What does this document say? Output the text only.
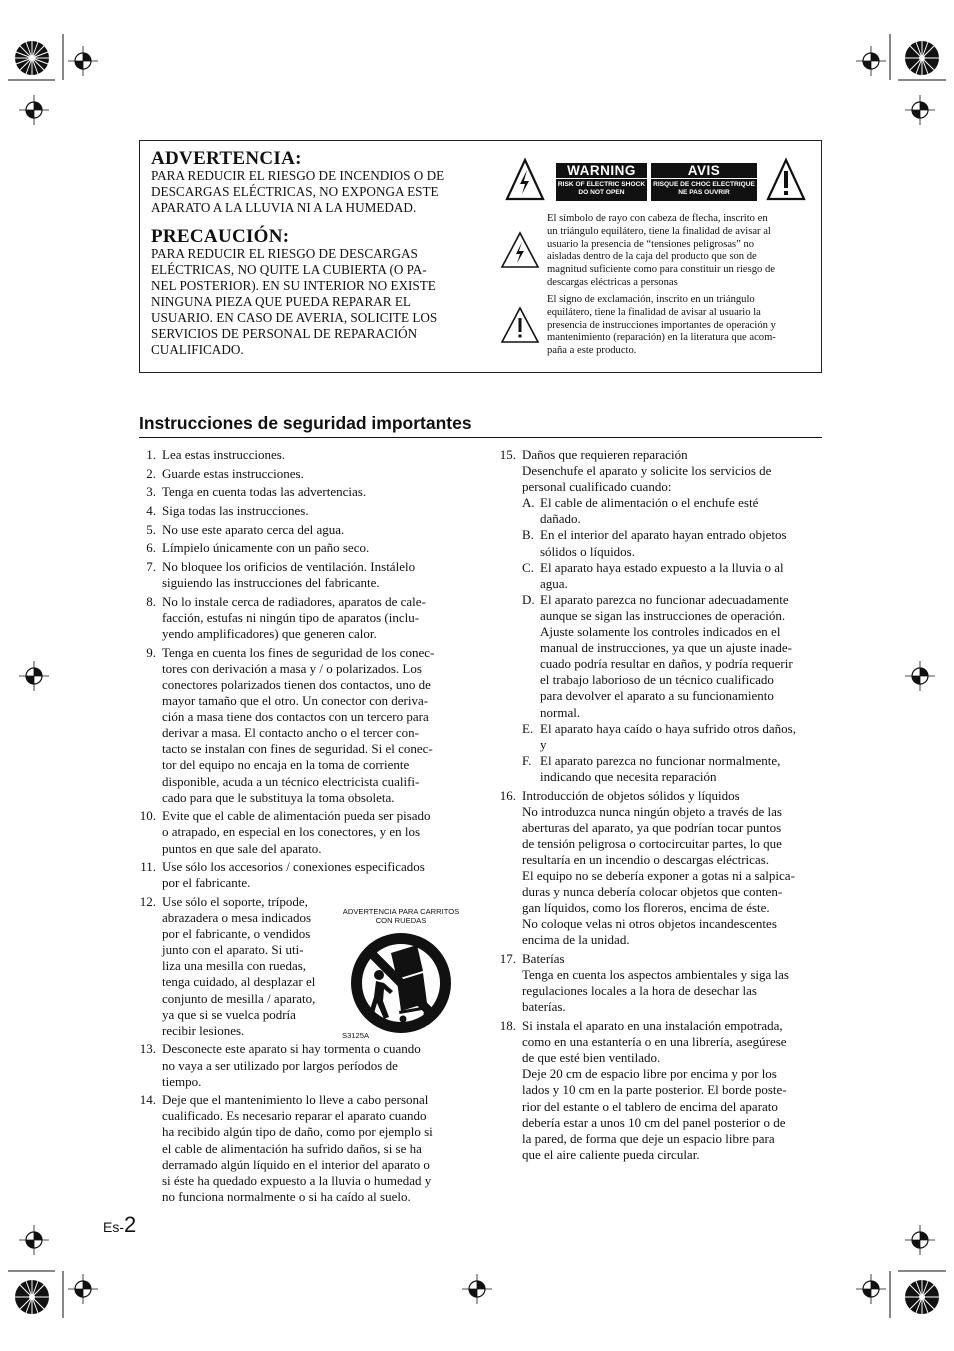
ADVERTENCIA:
PARA REDUCIR EL RIESGO DE INCENDIOS O DE
DESCARGAS ELÉCTRICAS, NO EXPONGA ESTE
APARATO A LA LLUVIA NI A LA HUMEDAD.
PRECAUCIÓN:
PARA REDUCIR EL RIESGO DE DESCARGAS
ELÉCTRICAS, NO QUITE LA CUBIERTA (O PA-
NEL POSTERIOR). EN SU INTERIOR NO EXISTE
NINGUNA PIEZA QUE PUEDA REPARAR EL
USUARIO. EN CASO DE AVERIA, SOLICITE LOS
SERVICIOS DE PERSONAL DE REPARACIÓN
CUALIFICADO.
WARNING
RISK OF ELECTRIC SHOCK
DO NOT OPEN
AVIS
RISQUE DE CHOC ELECTRIQUE
NE PAS OUVRIR
El símbolo de rayo con cabeza de flecha, inscrito en
un triángulo equilátero, tiene la finalidad de avisar al
usuario la presencia de “tensiones peligrosas” no
aisladas dentro de la caja del producto que son de
magnitud suficiente como para constituir un riesgo de
descargas eléctricas a personas
El signo de exclamación, inscrito en un triángulo
equilátero, tiene la finalidad de avisar al usuario la
presencia de instrucciones importantes de operación y
mantenimiento (reparación) en la literatura que acom-
paña a este producto.
Instrucciones de seguridad importantes
1. Lea estas instrucciones.
2. Guarde estas instrucciones.
3. Tenga en cuenta todas las advertencias.
4. Siga todas las instrucciones.
5. No use este aparato cerca del agua.
6. Límpielo únicamente con un paño seco.
7. No bloquee los orificios de ventilación. Instálelo
siguiendo las instrucciones del fabricante.
8. No lo instale cerca de radiadores, aparatos de cale-
facción, estufas ni ningún tipo de aparatos (inclu-
yendo amplificadores) que generen calor.
9. Tenga en cuenta los fines de seguridad de los conec-
tores con derivación a masa y / o polarizados. Los
conectores polarizados tienen dos contactos, uno de
mayor tamaño que el otro. Un conector con deriva-
ción a masa tiene dos contactos con un tercero para
derivar a masa. El contacto ancho o el tercer con-
tacto se instalan con fines de seguridad. Si el conec-
tor del equipo no encaja en la toma de corriente
disponible, acuda a un técnico electricista cualifi-
cado para que le substituya la toma obsoleta.
10. Evite que el cable de alimentación pueda ser pisado
o atrapado, en especial en los conectores, y en los
puntos en que sale del aparato.
11. Use sólo los accesorios / conexiones especificados
por el fabricante.
12. Use sólo el soporte, trípode,
abrazadera o mesa indicados
por el fabricante, o vendidos
junto con el aparato. Si uti-
liza una mesilla con ruedas,
tenga cuidado, al desplazar el
conjunto de mesilla / aparato,
ya que si se vuelca podría
recibir lesiones.
13. Desconecte este aparato si hay tormenta o cuando
no vaya a ser utilizado por largos períodos de
tiempo.
14. Deje que el mantenimiento lo lleve a cabo personal
cualificado. Es necesario reparar el aparato cuando
ha recibido algún tipo de daño, como por ejemplo si
el cable de alimentación ha sufrido daños, si se ha
derramado algún líquido en el interior del aparato o
si éste ha quedado expuesto a la lluvia o humedad y
no funciona normalmente o si ha caído al suelo.
ADVERTENCIA PARA CARRITOS
CON RUEDAS
S3125A
15. Daños que requieren reparación
Desenchufe el aparato y solicite los servicios de
personal cualificado cuando:
A. El cable de alimentación o el enchufe esté
dañado.
B. En el interior del aparato hayan entrado objetos
sólidos o líquidos.
C. El aparato haya estado expuesto a la lluvia o al
agua.
D. El aparato parezca no funcionar adecuadamente
aunque se sigan las instrucciones de operación.
Ajuste solamente los controles indicados en el
manual de instrucciones, ya que un ajuste inade-
cuado podría resultar en daños, y podría requerir
el trabajo laborioso de un técnico cualificado
para devolver el aparato a su funcionamiento
normal.
E. El aparato haya caído o haya sufrido otros daños,
y
F. El aparato parezca no funcionar normalmente,
indicando que necesita reparación
16. Introducción de objetos sólidos y líquidos
No introduzca nunca ningún objeto a través de las
aberturas del aparato, ya que podrían tocar puntos
de tensión peligrosa o cortocircuitar partes, lo que
resultaría en un incendio o descargas eléctricas.
El equipo no se debería exponer a gotas ni a salpica-
duras y nunca debería colocar objetos que conten-
gan líquidos, como los floreros, encima de éste.
No coloque velas ni otros objetos incandescentes
encima de la unidad.
17. Baterías
Tenga en cuenta los aspectos ambientales y siga las
regulaciones locales a la hora de desechar las
baterías.
18. Si instala el aparato en una instalación empotrada,
como en una estantería o en una librería, asegúrese
de que esté bien ventilado.
Deje 20 cm de espacio libre por encima y por los
lados y 10 cm en la parte posterior. El borde poste-
rior del estante o el tablero de encima del aparato
debería estar a unos 10 cm del panel posterior o de
la pared, de forma que deje un espacio libre para
que el aire caliente pueda circular.
Es-2
